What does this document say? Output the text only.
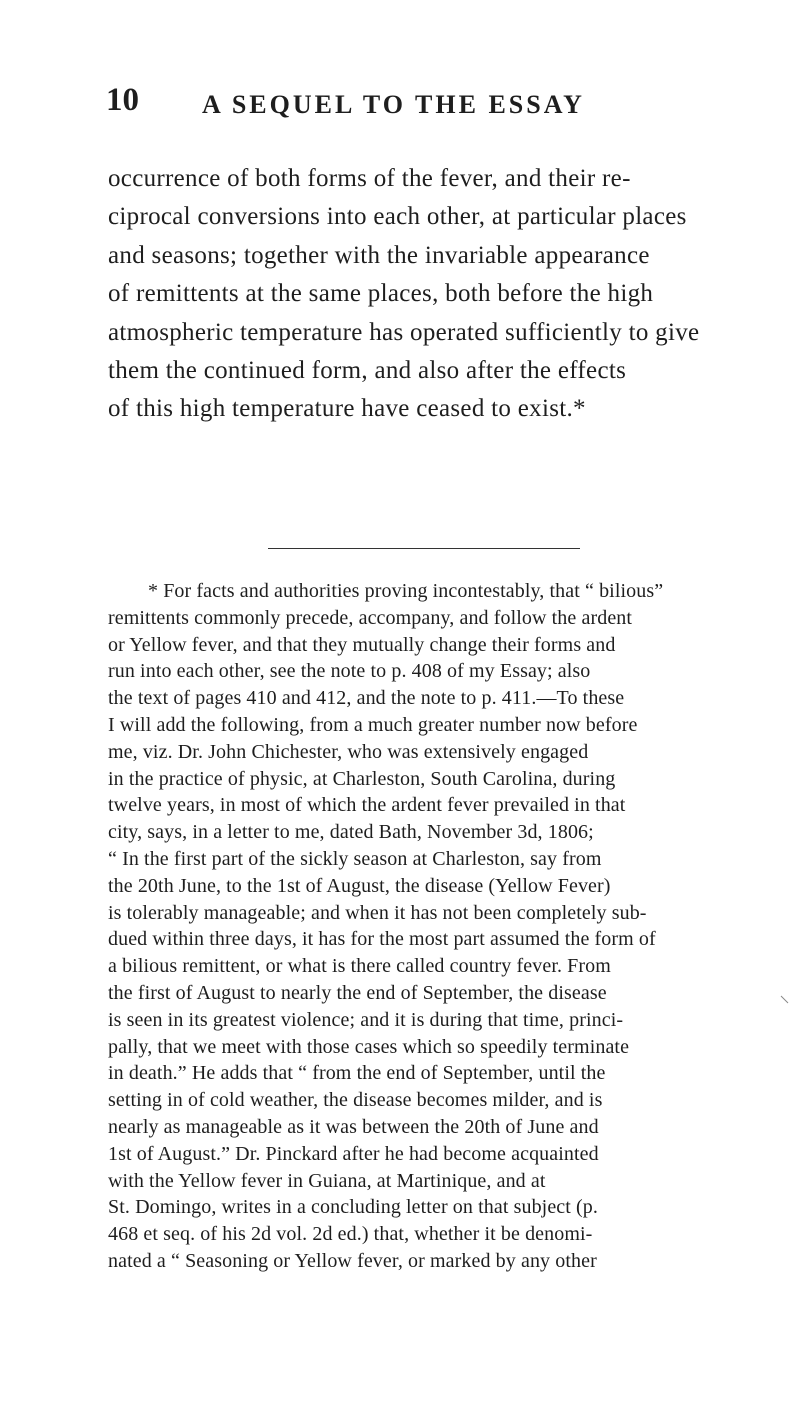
10 A SEQUEL TO THE ESSAY
occurrence of both forms of the fever, and their re-
ciprocal conversions into each other, at particular places
and seasons; together with the invariable appearance
of remittents at the same places, both before the high
atmospheric temperature has operated sufficiently to give
them the continued form, and also after the effects
of this high temperature have ceased to exist.*
* For facts and authorities proving incontestably, that “ bilious”
remittents commonly precede, accompany, and follow the ardent
or Yellow fever, and that they mutually change their forms and
run into each other, see the note to p. 408 of my Essay; also
the text of pages 410 and 412, and the note to p. 411.—To these
I will add the following, from a much greater number now before
me, viz. Dr. John Chichester, who was extensively engaged
in the practice of physic, at Charleston, South Carolina, during
twelve years, in most of which the ardent fever prevailed in that
city, says, in a letter to me, dated Bath, November 3d, 1806;
“ In the first part of the sickly season at Charleston, say from
the 20th June, to the 1st of August, the disease (Yellow Fever)
is tolerably manageable; and when it has not been completely sub-
dued within three days, it has for the most part assumed the form of
a bilious remittent, or what is there called country fever. From
the first of August to nearly the end of September, the disease
is seen in its greatest violence; and it is during that time, princi-
pally, that we meet with those cases which so speedily terminate
in death.” He adds that “ from the end of September, until the
setting in of cold weather, the disease becomes milder, and is
nearly as manageable as it was between the 20th of June and
1st of August.” Dr. Pinckard after he had become acquainted
with the Yellow fever in Guiana, at Martinique, and at
St. Domingo, writes in a concluding letter on that subject (p.
468 et seq. of his 2d vol. 2d ed.) that, whether it be denomi-
nated a “ Seasoning or Yellow fever, or marked by any other
